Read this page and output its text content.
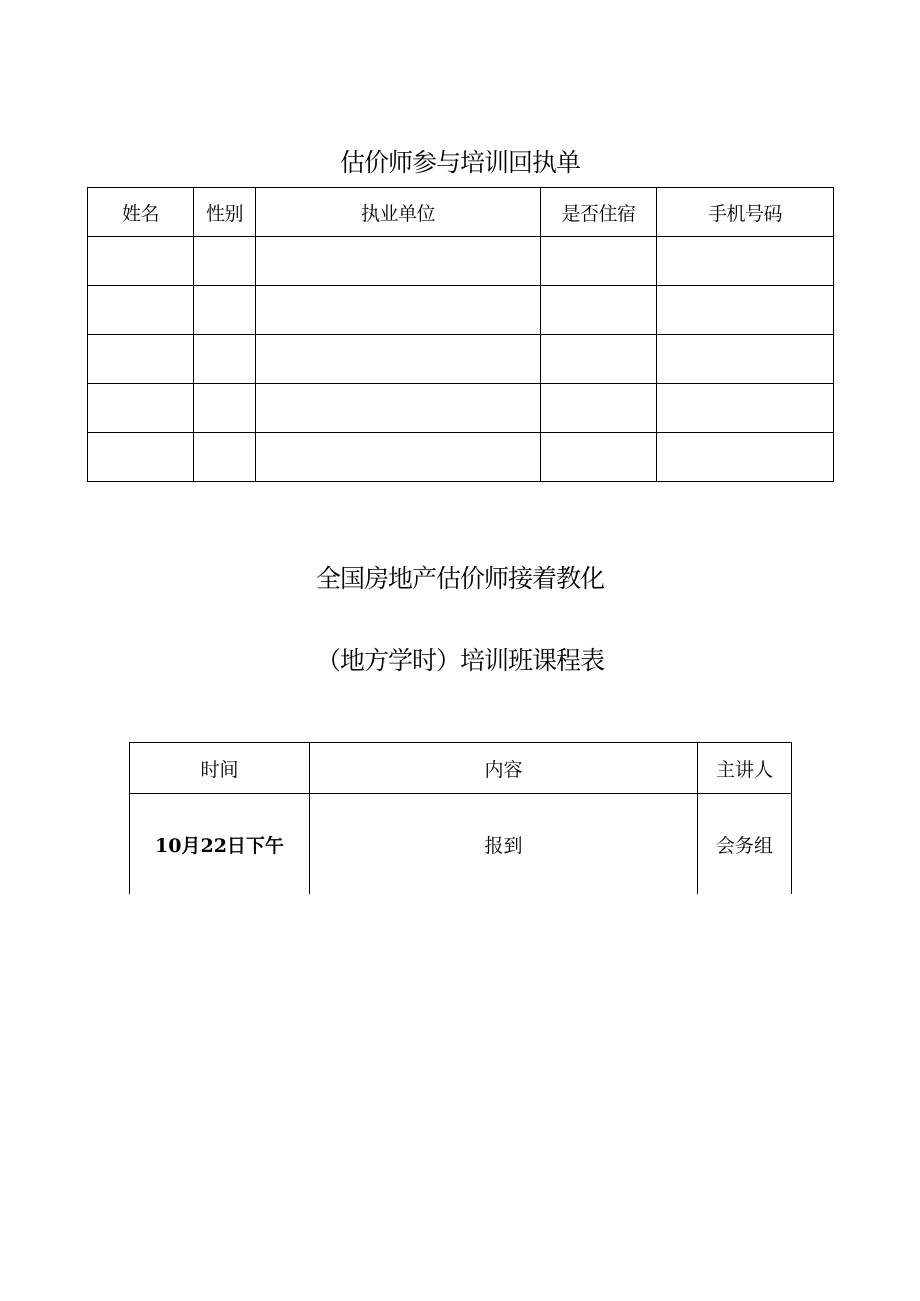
估价师参与培训回执单
姓名	性别	执业单位	是否住宿	手机号码

全国房地产估价师接着教化
（地方学时）培训班课程表
时间	内容	主讲人
10月22日下午	报到	会务组
